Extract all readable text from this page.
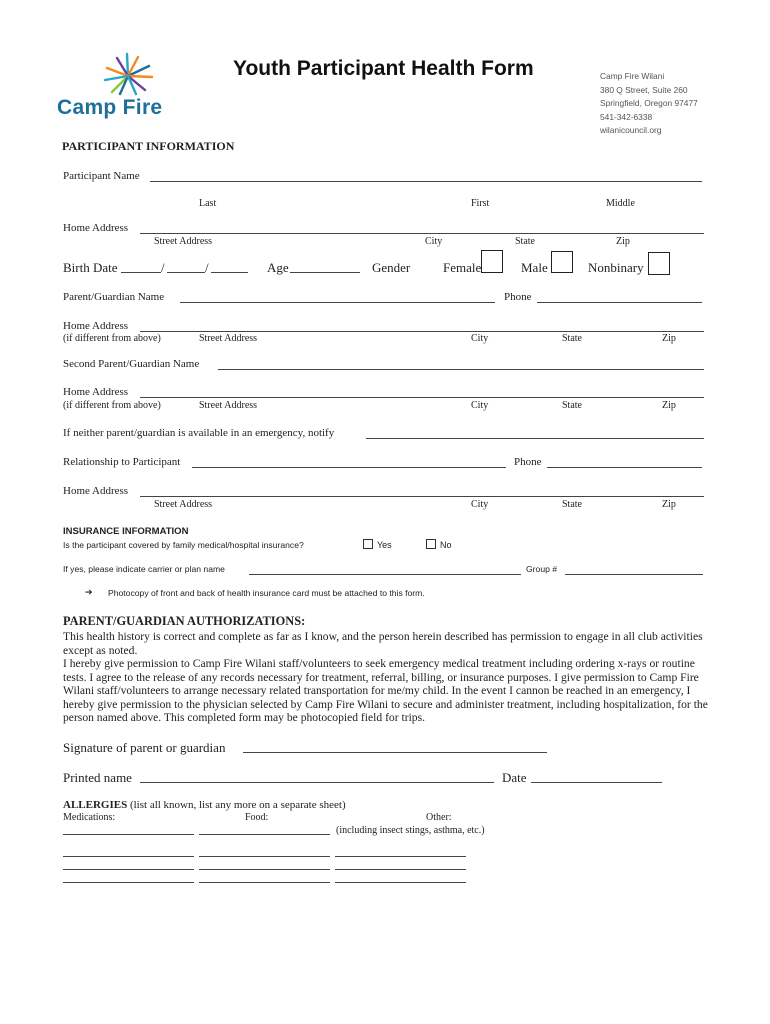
Camp Fire
Youth Participant Health Form	Camp Fire Wilani
380 Q Street, Suite 260
Springfield, Oregon 97477
541-342-6338
wilanicouncil.org
PARTICIPANT INFORMATION
Participant Name
Last	First	Middle
Home Address
Street Address	City	State	Zip
Birth Date	/	/	Age	Gender	Female	Male	Nonbinary
Parent/Guardian Name	Phone
Home Address
(if different from above)	Street Address	City	State	Zip
Second Parent/Guardian Name
Home Address
(if different from above)	Street Address	City	State	Zip
If neither parent/guardian is available in an emergency, notify
Relationship to Participant	Phone
Home Address
Street Address	City	State	Zip
INSURANCE INFORMATION
Is the participant covered by family medical/hospital insurance?	Yes	No
If yes, please indicate carrier or plan name	Group #
➔ Photocopy of front and back of health insurance card must be attached to this form.
PARENT/GUARDIAN AUTHORIZATIONS:
This health history is correct and complete as far as I know, and the person herein described has permission to engage in all club activities except as noted.
I hereby give permission to Camp Fire Wilani staff/volunteers to seek emergency medical treatment including ordering x-rays or routine tests. I agree to the release of any records necessary for treatment, referral, billing, or insurance purposes. I give permission to Camp Fire Wilani staff/volunteers to arrange necessary related transportation for me/my child. In the event I cannon be reached in an emergency, I hereby give permission to the physician selected by Camp Fire Wilani to secure and administer treatment, including hospitalization, for the person named above. This completed form may be photocopied field for trips.
Signature of parent or guardian
Printed name	Date
ALLERGIES (list all known, list any more on a separate sheet)
Medications:	Food:	Other:
(including insect stings, asthma, etc.)
